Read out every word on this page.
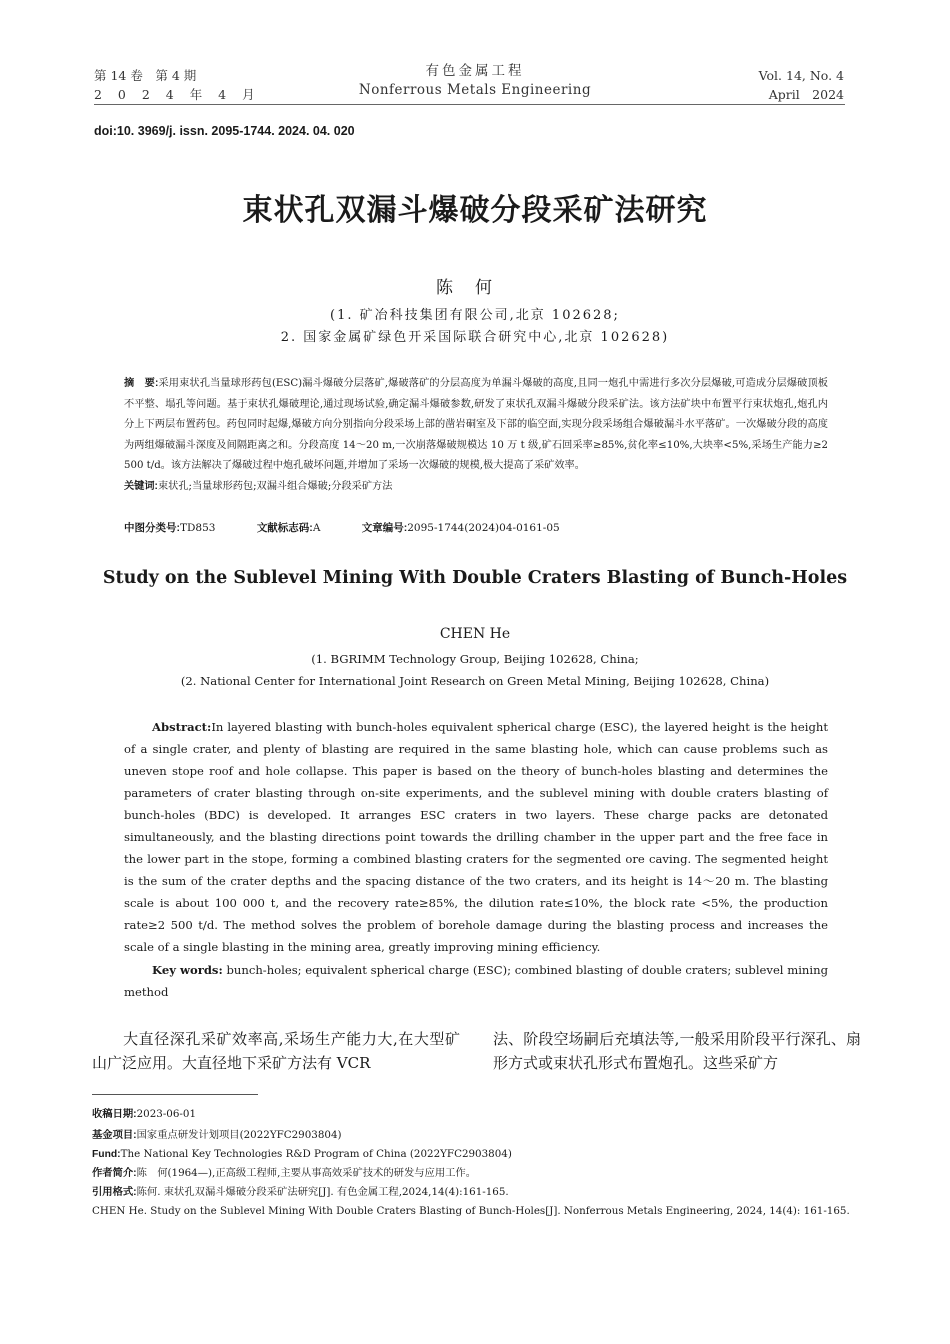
第 14 卷　第 4 期
2 0 2 4 年 4 月
有色金属工程
Nonferrous Metals Engineering
Vol. 14, No. 4
April　2024
doi:10. 3969/j. issn. 2095-1744. 2024. 04. 020
束状孔双漏斗爆破分段采矿法研究
陈何
(1. 矿冶科技集团有限公司,北京 102628;
2. 国家金属矿绿色开采国际联合研究中心,北京 102628)
摘　要:采用束状孔当量球形药包(ESC)漏斗爆破分层落矿,爆破落矿的分层高度为单漏斗爆破的高度,且同一炮孔中需进行多次分层爆破,可造成分层爆破顶板不平整、塌孔等问题。基于束状孔爆破理论,通过现场试验,确定漏斗爆破参数,研发了束状孔双漏斗爆破分段采矿法。该方法矿块中布置平行束状炮孔,炮孔内分上下两层布置药包。药包同时起爆,爆破方向分别指向分段采场上部的凿岩硐室及下部的临空面,实现分段采场组合爆破漏斗水平落矿。一次爆破分段的高度为两组爆破漏斗深度及间隔距离之和。分段高度 14～20 m,一次崩落爆破规模达 10 万 t 级,矿石回采率≥85%,贫化率≤10%,大块率<5%,采场生产能力≥2 500 t/d。该方法解决了爆破过程中炮孔破坏问题,并增加了采场一次爆破的规模,极大提高了采矿效率。
关键词:束状孔;当量球形药包;双漏斗组合爆破;分段采矿方法
中图分类号:TD853	文献标志码:A	文章编号:2095-1744(2024)04-0161-05
Study on the Sublevel Mining With Double Craters Blasting of Bunch-Holes
CHEN He
(1. BGRIMM Technology Group, Beijing 102628, China;
(2. National Center for International Joint Research on Green Metal Mining, Beijing 102628, China)
Abstract:In layered blasting with bunch-holes equivalent spherical charge (ESC), the layered height is the height of a single crater, and plenty of blasting are required in the same blasting hole, which can cause problems such as uneven stope roof and hole collapse. This paper is based on the theory of bunch-holes blasting and determines the parameters of crater blasting through on-site experiments, and the sublevel mining with double craters blasting of bunch-holes (BDC) is developed. It arranges ESC craters in two layers. These charge packs are detonated simultaneously, and the blasting directions point towards the drilling chamber in the upper part and the free face in the lower part in the stope, forming a combined blasting craters for the segmented ore caving. The segmented height is the sum of the crater depths and the spacing distance of the two craters, and its height is 14～20 m. The blasting scale is about 100 000 t, and the recovery rate≥85%, the dilution rate≤10%, the block rate <5%, the production rate≥2 500 t/d. The method solves the problem of borehole damage during the blasting process and increases the scale of a single blasting in the mining area, greatly improving mining efficiency.
Key words: bunch-holes; equivalent spherical charge (ESC); combined blasting of double craters; sublevel mining method
　　大直径深孔采矿效率高,采场生产能力大,在大型矿山广泛应用。大直径地下采矿方法有 VCR
法、阶段空场嗣后充填法等,一般采用阶段平行深孔、扇形方式或束状孔形式布置炮孔。这些采矿方
收稿日期:2023-06-01
基金项目:国家重点研发计划项目(2022YFC2903804)
Fund:The National Key Technologies R&D Program of China (2022YFC2903804)
作者简介:陈　何(1964—),正高级工程师,主要从事高效采矿技术的研发与应用工作。
引用格式:陈何. 束状孔双漏斗爆破分段采矿法研究[J]. 有色金属工程,2024,14(4):161-165.
CHEN He. Study on the Sublevel Mining With Double Craters Blasting of Bunch-Holes[J]. Nonferrous Metals Engineering, 2024, 14(4): 161-165.
